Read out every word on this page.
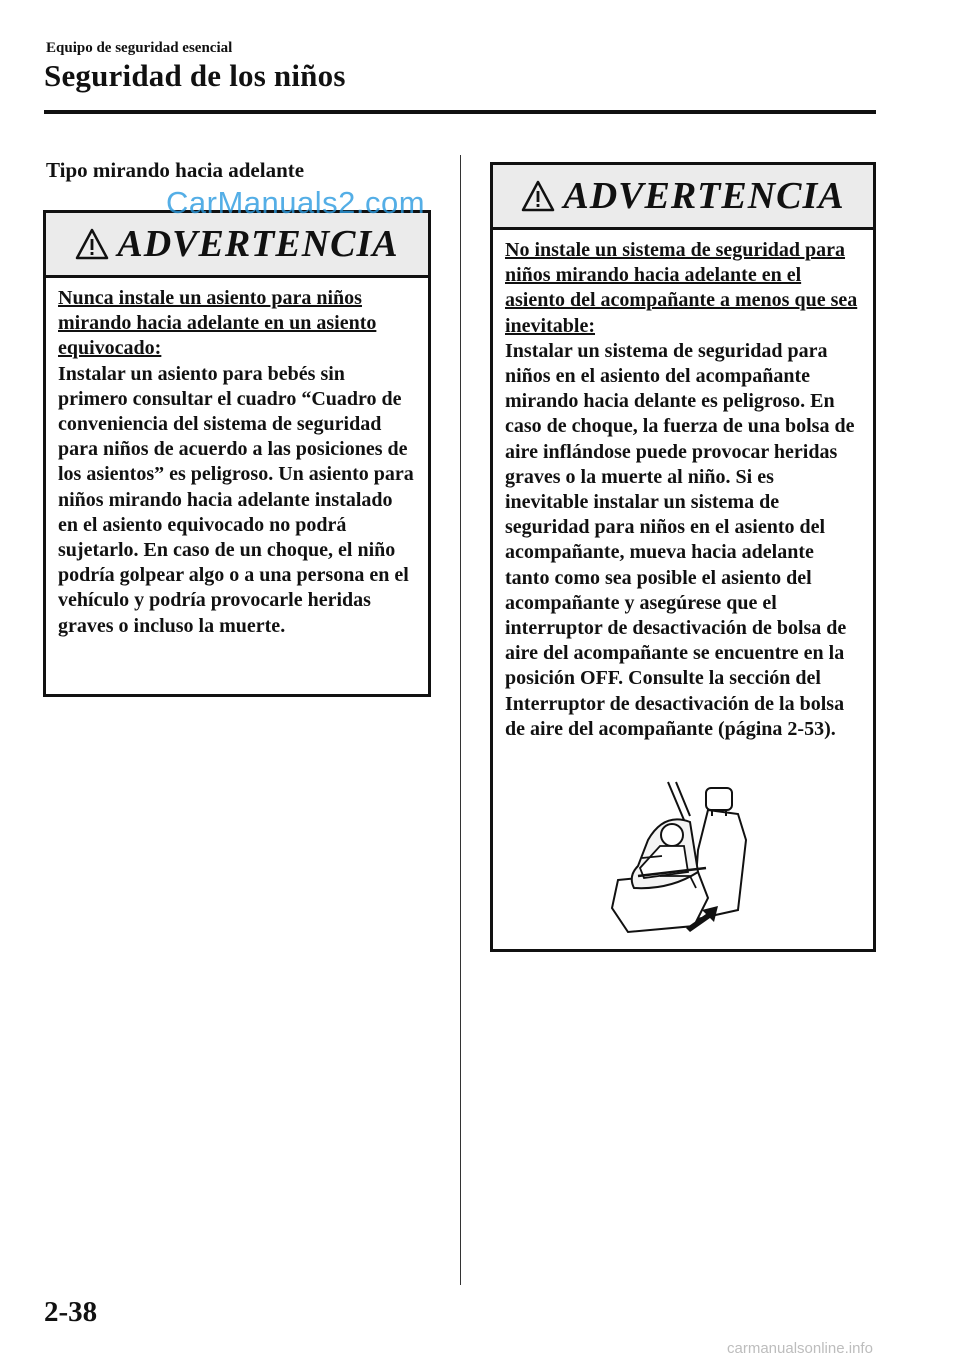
Equipo de seguridad esencial
Seguridad de los niños
Tipo mirando hacia adelante
ADVERTENCIA
Nunca instale un asiento para niños mirando hacia adelante en un asiento equivocado:
Instalar un asiento para bebés sin primero consultar el cuadro “Cuadro de conveniencia del sistema de seguridad para niños de acuerdo a las posiciones de los asientos” es peligroso. Un asiento para niños mirando hacia adelante instalado en el asiento equivocado no podrá sujetarlo. En caso de un choque, el niño podría golpear algo o a una persona en el vehículo y podría provocarle heridas graves o incluso la muerte.
CarManuals2.com	ADVERTENCIA
No instale un sistema de seguridad para niños mirando hacia adelante en el asiento del acompañante a menos que sea inevitable:
Instalar un sistema de seguridad para niños en el asiento del acompañante mirando hacia delante es peligroso. En caso de choque, la fuerza de una bolsa de aire inflándose puede provocar heridas graves o la muerte al niño. Si es inevitable instalar un sistema de seguridad para niños en el asiento del acompañante, mueva hacia adelante tanto como sea posible el asiento del acompañante y asegúrese que el interruptor de desactivación de bolsa de aire del acompañante se encuentre en la posición OFF. Consulte la sección del Interruptor de desactivación de la bolsa de aire del acompañante (página 2-53).
2-38
carmanualsonline.info
